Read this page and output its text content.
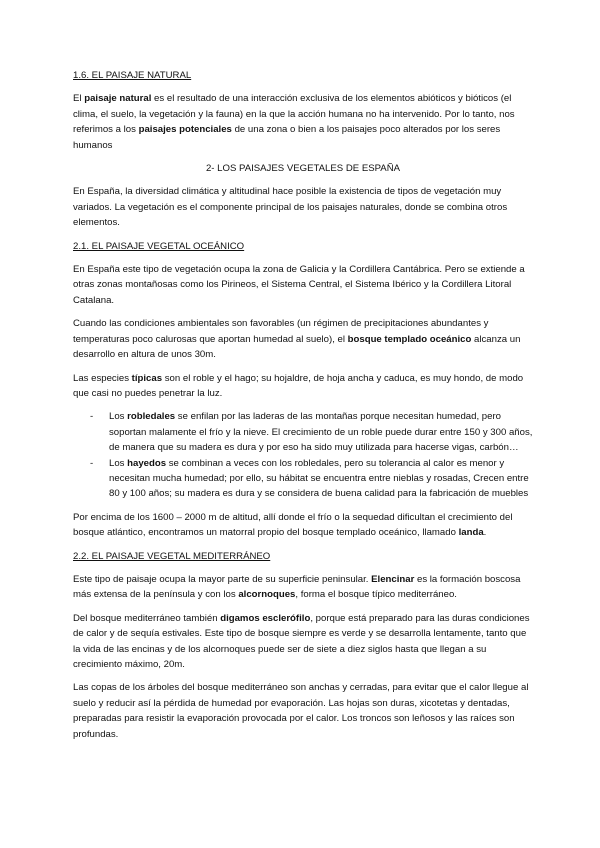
1.6. EL PAISAJE NATURAL

El paisaje natural es el resultado de una interacción exclusiva de los elementos abióticos y bióticos (el clima, el suelo, la vegetación y la fauna) en la que la acción humana no ha intervenido. Por lo tanto, nos referimos a los paisajes potenciales de una zona o bien a los paisajes poco alterados por los seres humanos

2- LOS PAISAJES VEGETALES DE ESPAÑA

En España, la diversidad climática y altitudinal hace posible la existencia de tipos de vegetación muy variados. La vegetación es el componente principal de los paisajes naturales, donde se combina otros elementos.

2.1. EL PAISAJE VEGETAL OCEÁNICO

En España este tipo de vegetación ocupa la zona de Galicia y la Cordillera Cantábrica. Pero se extiende a otras zonas montañosas como los Pirineos, el Sistema Central, el Sistema Ibérico y la Cordillera Litoral Catalana.

Cuando las condiciones ambientales son favorables (un régimen de precipitaciones abundantes y temperaturas poco calurosas que aportan humedad al suelo), el bosque templado oceánico alcanza un desarrollo en altura de unos 30m.

Las especies típicas son el roble y el hago; su hojaldre, de hoja ancha y caduca, es muy hondo, de modo que casi no puedes penetrar la luz.

- Los robledales se enfilan por las laderas de las montañas porque necesitan humedad, pero soportan malamente el frío y la nieve. El crecimiento de un roble puede durar entre 150 y 300 años, de manera que su madera es dura y por eso ha sido muy utilizada para hacerse vigas, carbón…
- Los hayedos se combinan a veces con los robledales, pero su tolerancia al calor es menor y necesitan mucha humedad; por ello, su hábitat se encuentra entre nieblas y rosadas, Crecen entre 80 y 100 años; su madera es dura y se considera de buena calidad para la fabricación de muebles

Por encima de los 1600 – 2000 m de altitud, allí donde el frío o la sequedad dificultan el crecimiento del bosque atlántico, encontramos un matorral propio del bosque templado oceánico, llamado landa.

2.2. EL PAISAJE VEGETAL MEDITERRÁNEO

Este tipo de paisaje ocupa la mayor parte de su superficie peninsular. Elencinar es la formación boscosa más extensa de la península y con los alcornoques, forma el bosque típico mediterráneo.

Del bosque mediterráneo también digamos esclerófilo, porque está preparado para las duras condiciones de calor y de sequía estivales. Este tipo de bosque siempre es verde y se desarrolla lentamente, tanto que la vida de las encinas y de los alcornoques puede ser de siete a diez siglos hasta que llegan a su crecimiento máximo, 20m.

Las copas de los árboles del bosque mediterráneo son anchas y cerradas, para evitar que el calor llegue al suelo y reducir así la pérdida de humedad por evaporación. Las hojas son duras, xicotetas y dentadas, preparadas para resistir la evaporación provocada por el calor. Los troncos son leñosos y las raíces son profundas.
